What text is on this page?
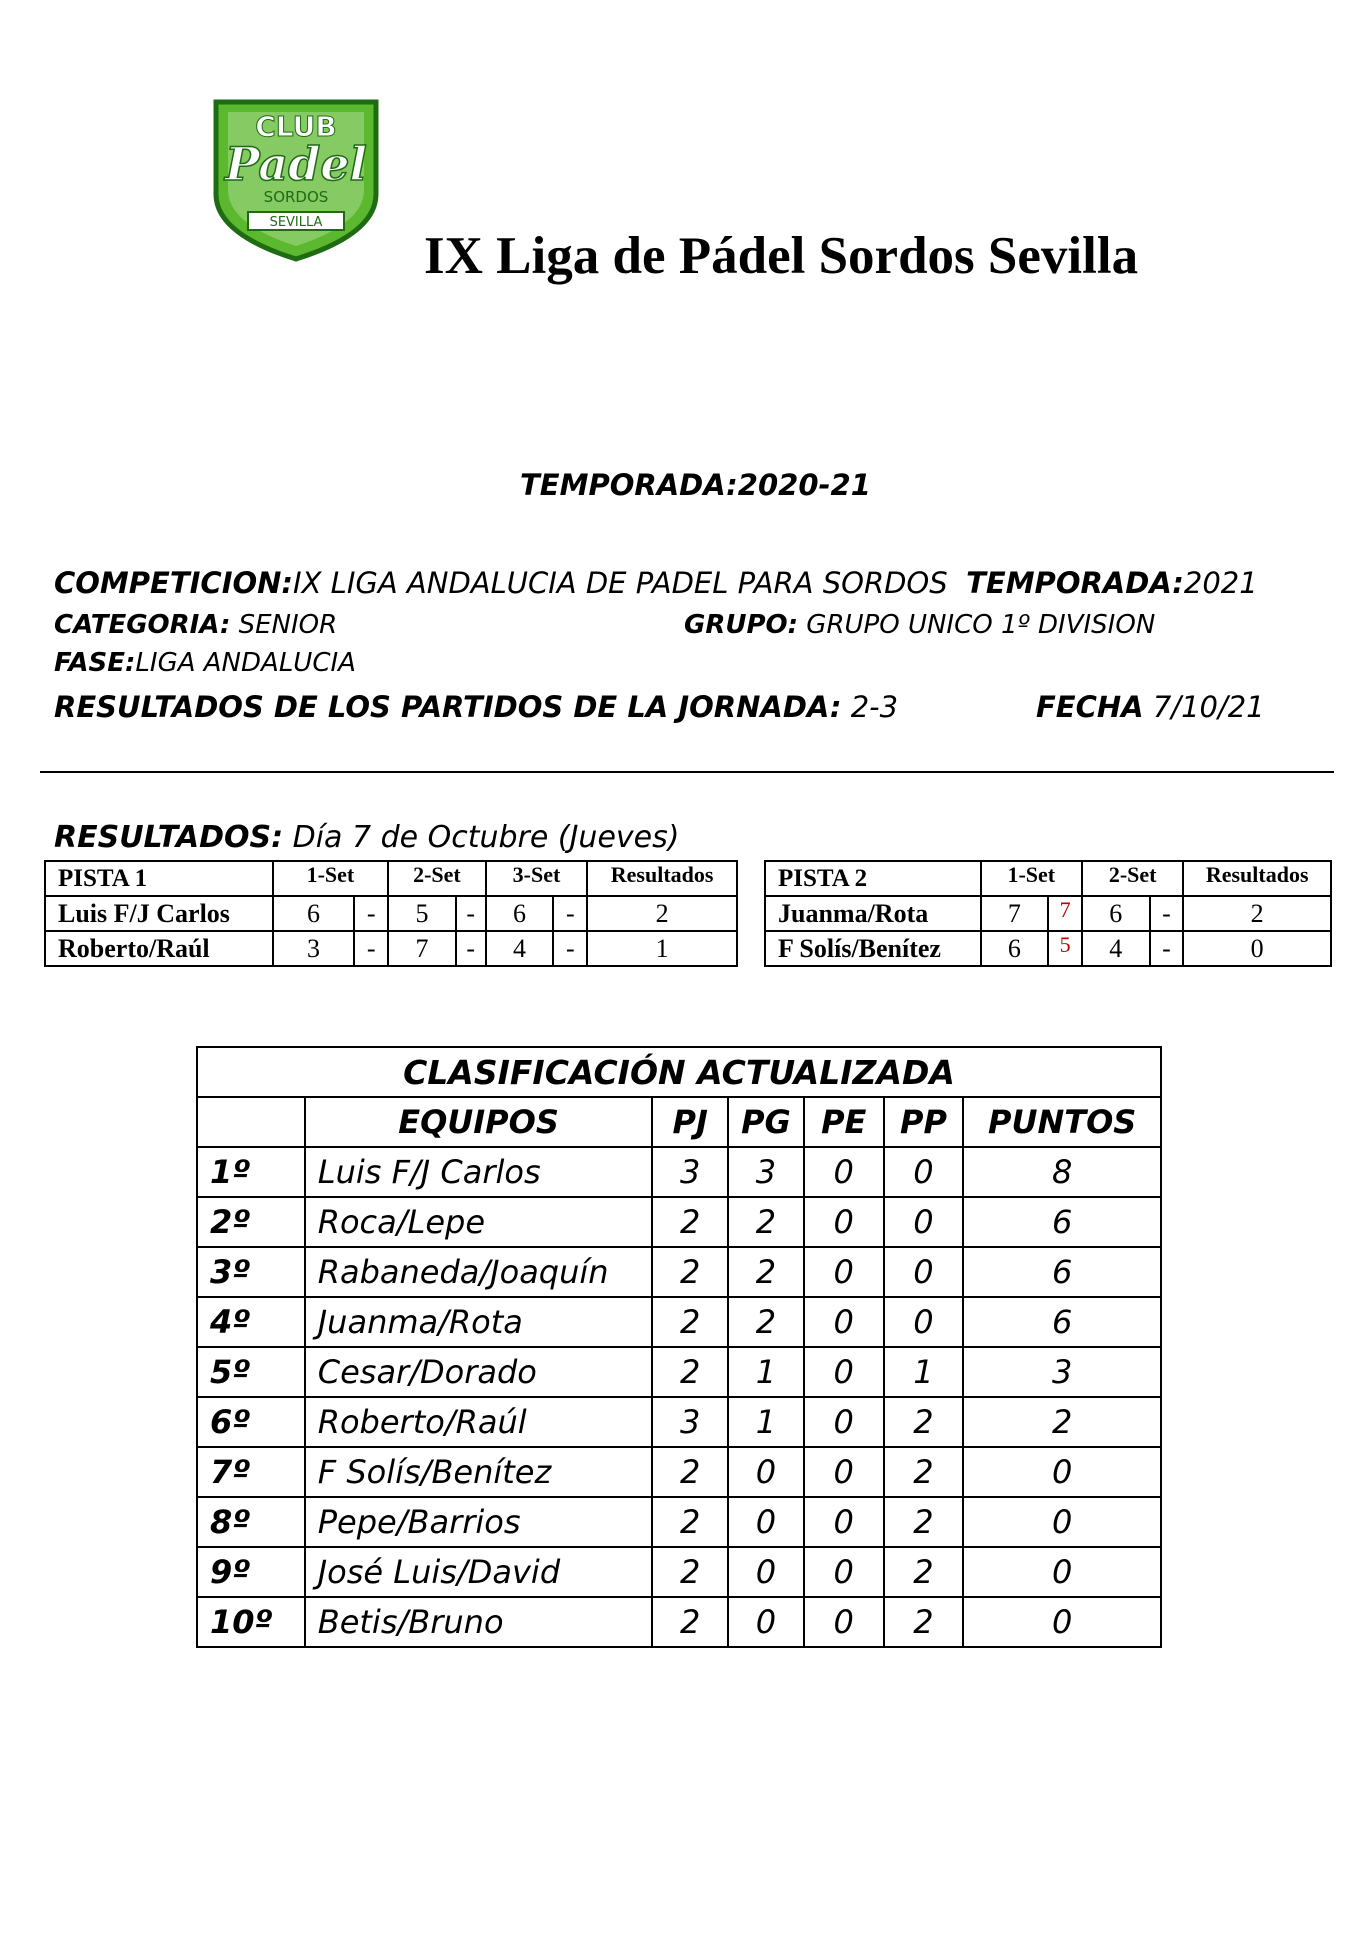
CLUB
Padel
SORDOS
SEVILLA
IX Liga de Pádel Sordos Sevilla
TEMPORADA:2020-21
COMPETICION:IX LIGA ANDALUCIA DE PADEL PARA SORDOS TEMPORADA:2021
CATEGORIA: SENIOR	GRUPO: GRUPO UNICO 1º DIVISION
FASE:LIGA ANDALUCIA
RESULTADOS DE LOS PARTIDOS DE LA JORNADA: 2-3	FECHA 7/10/21
RESULTADOS: Día 7 de Octubre (Jueves)
PISTA 1	1-Set		2-Set		3-Set		Resultados
Luis F/J Carlos	6	-	5	-	6	-	2
Roberto/Raúl	3	-	7	-	4	-	1
PISTA 2	1-Set		2-Set		Resultados
Juanma/Rota	7	7	6	-	2
F Solís/Benítez	6	5	4	-	0
CLASIFICACIÓN ACTUALIZADA						
	EQUIPOS	PJ	PG	PE	PP	PUNTOS
1º	Luis F/J Carlos	3	3	0	0	8
2º	Roca/Lepe	2	2	0	0	6
3º	Rabaneda/Joaquín	2	2	0	0	6
4º	Juanma/Rota	2	2	0	0	6
5º	Cesar/Dorado	2	1	0	1	3
6º	Roberto/Raúl	3	1	0	2	2
7º	F Solís/Benítez	2	0	0	2	0
8º	Pepe/Barrios	2	0	0	2	0
9º	José Luis/David	2	0	0	2	0
10º	Betis/Bruno	2	0	0	2	0
